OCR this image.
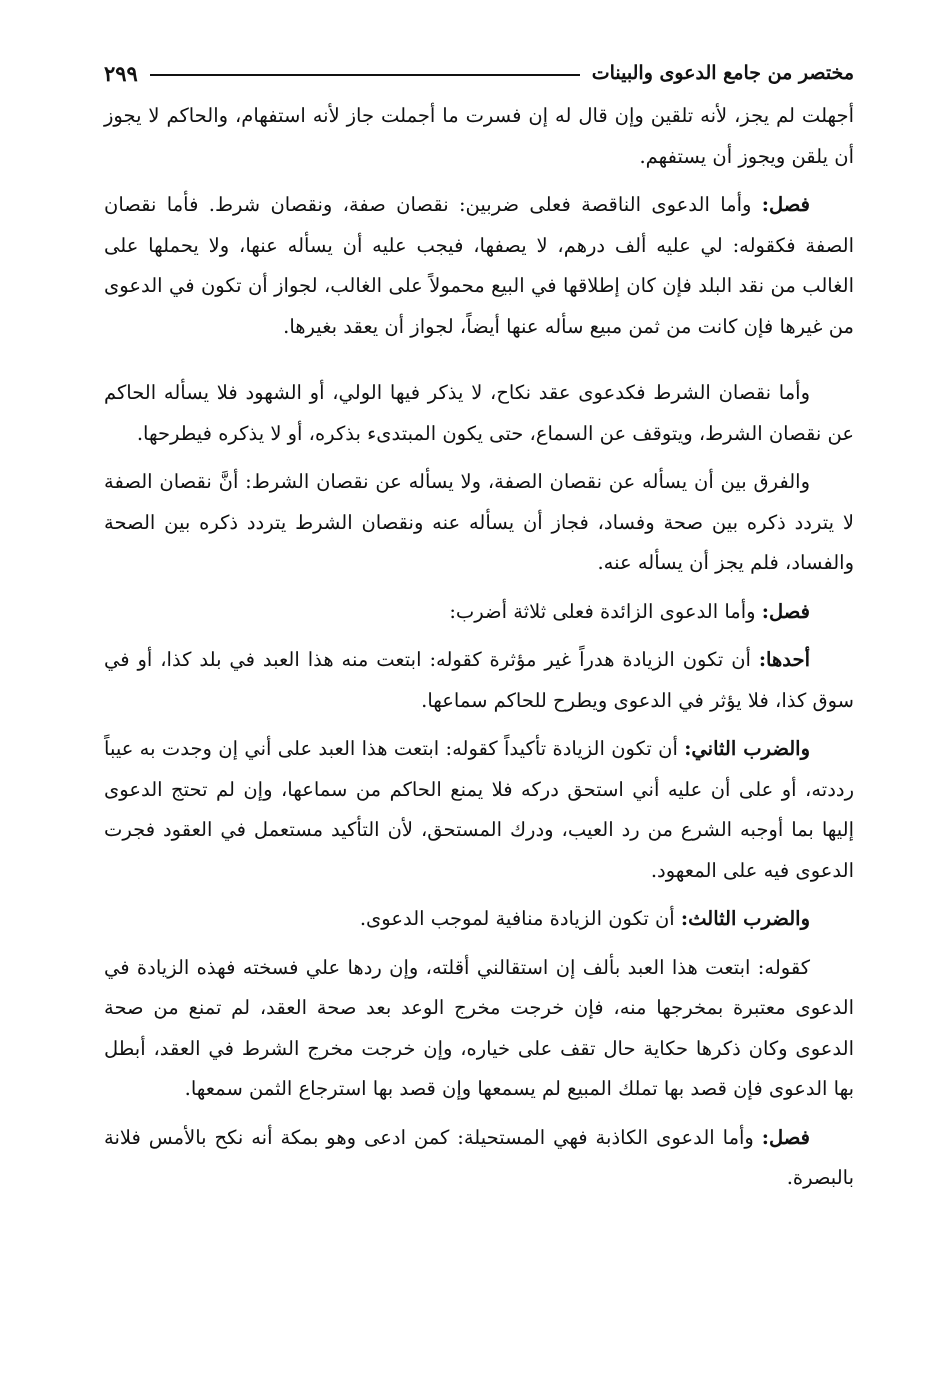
مختصر من جامع الدعوى والبينات
٢٩٩

أجهلت لم يجز، لأنه تلقين وإن قال له إن فسرت ما أجملت جاز لأنه استفهام، والحاكم لا يجوز أن يلقن ويجوز أن يستفهم.

فصل: وأما الدعوى الناقصة فعلى ضربين: نقصان صفة، ونقصان شرط. فأما نقصان الصفة فكقوله: لي عليه ألف درهم، لا يصفها، فيجب عليه أن يسأله عنها، ولا يحملها على الغالب من نقد البلد فإن كان إطلاقها في البيع محمولاً على الغالب، لجواز أن تكون في الدعوى من غيرها فإن كانت من ثمن مبيع سأله عنها أيضاً، لجواز أن يعقد بغيرها.

وأما نقصان الشرط فكدعوى عقد نكاح، لا يذكر فيها الولي، أو الشهود فلا يسأله الحاكم عن نقصان الشرط، ويتوقف عن السماع، حتى يكون المبتدىء بذكره، أو لا يذكره فيطرحها.

والفرق بين أن يسأله عن نقصان الصفة، ولا يسأله عن نقصان الشرط: أنَّ نقصان الصفة لا يتردد ذكره بين صحة وفساد، فجاز أن يسأله عنه ونقصان الشرط يتردد ذكره بين الصحة والفساد، فلم يجز أن يسأله عنه.

فصل: وأما الدعوى الزائدة فعلى ثلاثة أضرب:

أحدها: أن تكون الزيادة هدراً غير مؤثرة كقوله: ابتعت منه هذا العبد في بلد كذا، أو في سوق كذا، فلا يؤثر في الدعوى ويطرح للحاكم سماعها.

والضرب الثاني: أن تكون الزيادة تأكيداً كقوله: ابتعت هذا العبد على أني إن وجدت به عيباً رددته، أو على أن عليه أني استحق دركه فلا يمنع الحاكم من سماعها، وإن لم تحتج الدعوى إليها بما أوجبه الشرع من رد العيب، ودرك المستحق، لأن التأكيد مستعمل في العقود فجرت الدعوى فيه على المعهود.

والضرب الثالث: أن تكون الزيادة منافية لموجب الدعوى.

كقوله: ابتعت هذا العبد بألف إن استقالني أقلته، وإن ردها علي فسخته فهذه الزيادة في الدعوى معتبرة بمخرجها منه، فإن خرجت مخرج الوعد بعد صحة العقد، لم تمنع من صحة الدعوى وكان ذكرها حكاية حال تقف على خياره، وإن خرجت مخرج الشرط في العقد، أبطل بها الدعوى فإن قصد بها تملك المبيع لم يسمعها وإن قصد بها استرجاع الثمن سمعها.

فصل: وأما الدعوى الكاذبة فهي المستحيلة: كمن ادعى وهو بمكة أنه نكح بالأمس فلانة بالبصرة.
